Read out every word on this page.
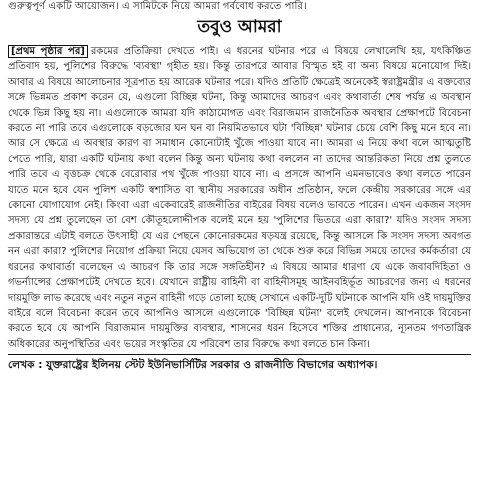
গুরুত্বপূর্ণ একটি আয়োজন। এ সামিটকে নিয়ে আমরা গর্ববোধ করতে পারি।
তবুও আমরা

[প্রথম পৃষ্ঠার পর] রকমের প্রতিক্রিয়া দেখতে পাই। এ ধরনের ঘটনার পরে এ বিষয়ে লেখালেখি হয়, যৎকিঞ্চিত প্রতিবাদ হয়, পুলিশের বিরুদ্ধে 'ব্যবস্থা' গৃহীত হয়। কিন্তু তারপরে আবার বিস্মৃত হই বা অন্য বিষয়ে মনোযোগ দিই। আবার এ বিষয়ে আলোচনার সূত্রপাত হয় আরেক ঘটনার পরে। যদিও প্রতিটি ক্ষেত্রেই অনেকেই স্বরাষ্ট্রমন্ত্রীর এ বক্তব্যের সঙ্গে ভিন্নমত প্রকাশ করেন যে, এগুলো বিচ্ছিন্ন ঘটনা, কিন্তু আমাদের আচরণ এবং কথাবার্তা শেষ পর্যন্ত এ অবস্থান থেকে ভিন্ন কিছু হয় না। এগুলোকে আমরা যদি কাঠামোগত এবং বিরাজমান রাজনৈতিক অবস্থার প্রেক্ষাপটে বিবেচনা করতে না পারি তবে এগুলোকে বড়জোর ঘন ঘন বা নিয়মিতভাবে ঘটা 'বিচ্ছিন্ন' ঘটনার চেয়ে বেশি কিছু মনে হবে না। আর সে ক্ষেত্রে এ অবস্থার কারণ বা সমাধান কোনোটাই খুঁজে পাওয়া যাবে না। আমরা এ নিয়ে কথা বলে আত্মতুষ্টি পেতে পারি, যারা একটি ঘটনায় কথা বলেন কিন্তু অন্য ঘটনায় কথা বললেন না তাদের আন্তরিকতা নিয়ে প্রশ্ন তুলতে পারি তবে এ বৃত্তচক্র থেকে বেরোবার পথ খুঁজে পাওয়া যাবে না। এ প্রসঙ্গে আপনি এমনভাবেও কথা বলতে পারেন যাতে মনে হবে যেন পুলিশ একটি স্বশাসিত বা স্থানীয় সরকারের অধীন প্রতিষ্ঠান, ফলে কেন্দ্রীয় সরকারের সঙ্গে এর কোনো যোগাযোগ নেই। কিংবা এরা একেবারেই রাজনীতির বাইরের বিষয় বলেও ভাবতে পারেন। এখন একজন সংসদ সদস্য যে প্রশ্ন তুলেছেন তা বেশ কৌতূহলোদ্দীপক বলেই মনে হয় 'পুলিশের ভিতরে এরা কারা?' যদিও সংসদ সদস্য প্রকারান্তরে এটাই বলতে উৎসাহী যে এর পেছনে কোনোরকমের ষড়যন্ত্র রয়েছে, কিন্তু আসলে কি সংসদ সদস্য অবগত নন এরা কারা? পুলিশের নিয়োগ প্রক্রিয়া নিয়ে যেসব অভিযোগ তা থেকে শুরু করে বিভিন্ন সময়ে তাদের কর্মকর্তারা যে ধরনের কথাবার্তা বলেছেন এ আচরণ কি তার সঙ্গে সঙ্গতিহীন? এ বিষয়ে আমার ধারণা যে একে জবাবদিহিতা ও গভর্ন্যান্সের প্রেক্ষাপটেই দেখতে হবে। যেখানে রাষ্ট্রীয় বাহিনী বা বাহিনীসমূহ আইনবহির্ভূত আচরণের জন্য এ ধরনের দায়মুক্তি লাভ করেছে এবং নতুন নতুন বাহিনী গড়ে তোলা হচ্ছে সেখানে একটি-দুটি ঘটনাকে আপনি যদি ওই দায়মুক্তির বাইরে বলে বিবেচনা করেন তবে আপনিও আসলে এগুলোকে 'বিচ্ছিন্ন ঘটনা' বলেই দেখলেন। আপনাকে বিবেচনা করতে হবে যে আপনি বিরাজমান দায়মুক্তির ব্যবস্থার, শাসনের ধরন হিসেবে শক্তির প্রাধান্যের, ন্যূনতম গণতান্ত্রিক অধিকারের অনুপস্থিতির এবং ভয়ের সংস্কৃতির যে পরিবেশ তার বিরুদ্ধে কথা বলতে চান কিনা।

লেখক : যুক্তরাষ্ট্রের ইলিনয় স্টেট ইউনিভার্সিটির সরকার ও রাজনীতি বিভাগের অধ্যাপক।
